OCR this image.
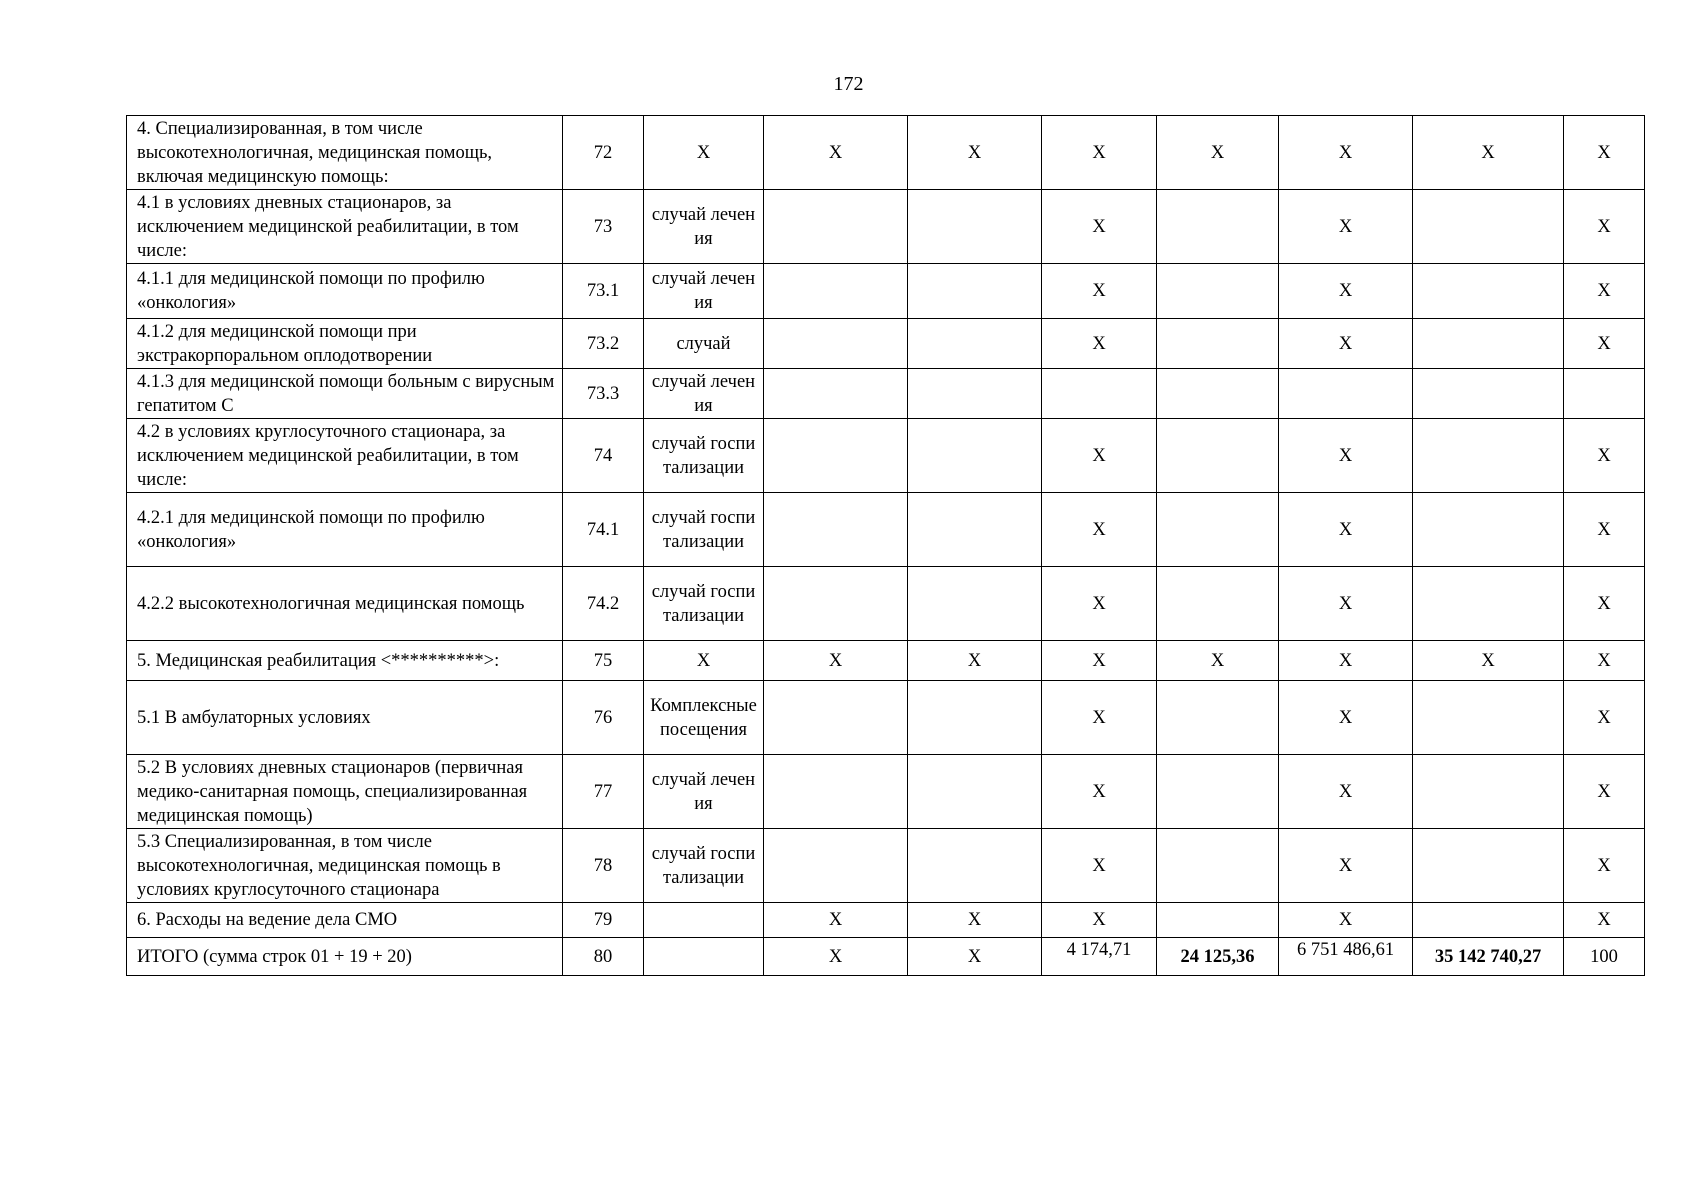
172
4. Специализированная, в том числе высокотехнологичная, медицинская помощь, включая медицинскую помощь:	72	Х	Х	Х	Х	Х	Х	Х	Х
4.1 в условиях дневных стационаров, за исключением медицинской реабилитации, в том числе:	73	случай лечения			Х		Х		Х
4.1.1 для медицинской помощи по профилю «онкология»	73.1	случай лечения			Х		Х		Х
4.1.2 для медицинской помощи при экстракорпоральном оплодотворении	73.2	случай			Х		Х		Х
4.1.3 для медицинской помощи больным с вирусным гепатитом С	73.3	случай лечения							
4.2 в условиях круглосуточного стационара, за исключением медицинской реабилитации, в том числе:	74	случай госпитализации			Х		Х		Х
4.2.1 для медицинской помощи по профилю «онкология»	74.1	случай госпитализации			Х		Х		Х
4.2.2 высокотехнологичная медицинская помощь	74.2	случай госпитализации			Х		Х		Х
5. Медицинская реабилитация <**********>:	75	Х	Х	Х	Х	Х	Х	Х	Х
5.1 В амбулаторных условиях	76	Комплексные посещения			Х		Х		Х
5.2 В условиях дневных стационаров (первичная медико-санитарная помощь, специализированная медицинская помощь)	77	случай лечения			Х		Х		Х
5.3 Специализированная, в том числе высокотехнологичная, медицинская помощь в условиях круглосуточного стационара	78	случай госпитализации			Х		Х		Х
6. Расходы на ведение дела СМО	79		Х	Х	Х		Х		Х
ИТОГО (сумма строк 01 + 19 + 20)	80		Х	Х	4 174,71	24 125,36	6 751 486,61	35 142 740,27	100
